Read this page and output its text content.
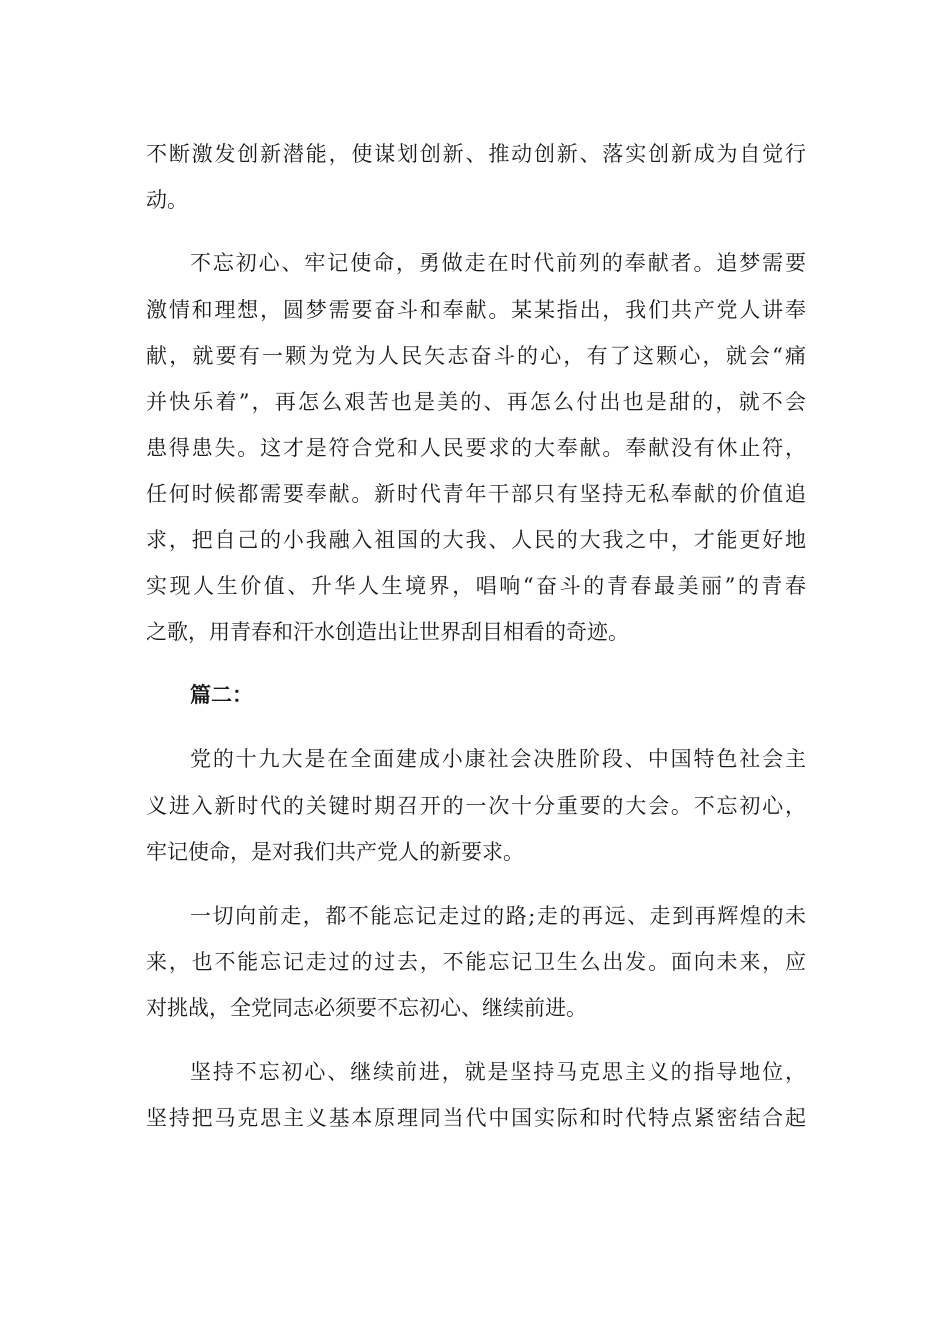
不断激发创新潜能，使谋划创新、推动创新、落实创新成为自觉行
动。
不忘初心、牢记使命，勇做走在时代前列的奉献者。追梦需要
激情和理想，圆梦需要奋斗和奉献。某某指出，我们共产党人讲奉
献，就要有一颗为党为人民矢志奋斗的心，有了这颗心，就会“痛
并快乐着”，再怎么艰苦也是美的、再怎么付出也是甜的，就不会
患得患失。这才是符合党和人民要求的大奉献。奉献没有休止符，
任何时候都需要奉献。新时代青年干部只有坚持无私奉献的价值追
求，把自己的小我融入祖国的大我、人民的大我之中，才能更好地
实现人生价值、升华人生境界，唱响“奋斗的青春最美丽”的青春
之歌，用青春和汗水创造出让世界刮目相看的奇迹。
篇二：
党的十九大是在全面建成小康社会决胜阶段、中国特色社会主
义进入新时代的关键时期召开的一次十分重要的大会。不忘初心，
牢记使命，是对我们共产党人的新要求。
一切向前走，都不能忘记走过的路;走的再远、走到再辉煌的未
来，也不能忘记走过的过去，不能忘记卫生么出发。面向未来，应
对挑战，全党同志必须要不忘初心、继续前进。
坚持不忘初心、继续前进，就是坚持马克思主义的指导地位，
坚持把马克思主义基本原理同当代中国实际和时代特点紧密结合起
